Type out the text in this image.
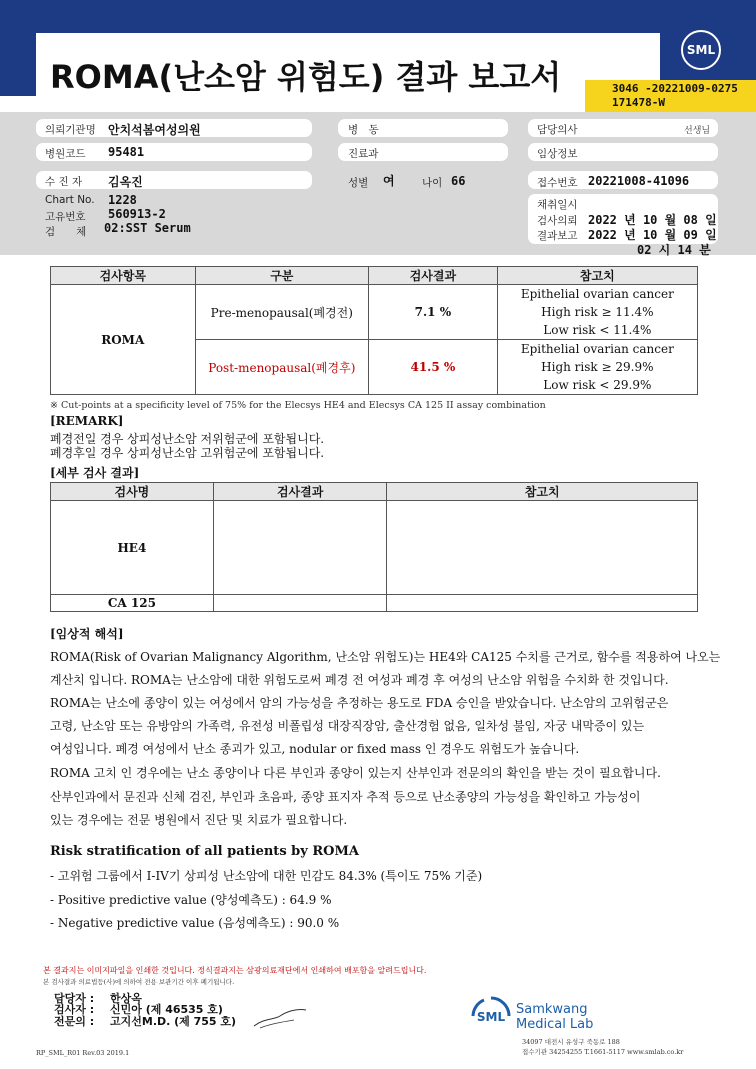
ROMA(난소암 위험도) 결과 보고서
SML
3046 -20221009-0275
171478-W
의뢰기관명 안치석봄여성의원
병원코드 95481
수 진 자 김옥진
Chart No. 1228
고유번호 560913-2
검　　체 02:SST Serum
병　동
진료과
성별 여	나이 66
담당의사	선생님
임상정보
접수번호 20221008-41096
채취일시
검사의뢰 2022 년 10 월 08 일
결과보고 2022 년 10 월 09 일
02 시 14 분
검사항목	구분	검사결과	참고치
ROMA	Pre-menopausal(폐경전)	7.1 %	Epithelial ovarian cancer
High risk ≥ 11.4%
Low risk < 11.4%

	Post-menopausal(폐경후)	41.5 %	Epithelial ovarian cancer
High risk ≥ 29.9%
Low risk < 29.9%
※ Cut-points at a specificity level of 75% for the Elecsys HE4 and Elecsys CA 125 II assay combination
[REMARK]
폐경전일 경우 상피성난소암 저위험군에 포함됩니다.
폐경후일 경우 상피성난소암 고위험군에 포함됩니다.
[세부 검사 결과]
검사명	검사결과	참고치
HE4		
CA 125		
[임상적 해석]
ROMA(Risk of Ovarian Malignancy Algorithm, 난소암 위험도)는 HE4와 CA125 수치를 근거로, 함수를 적용하여 나오는
계산치 입니다. ROMA는 난소암에 대한 위험도로써 폐경 전 여성과 폐경 후 여성의 난소암 위험을 수치화 한 것입니다.
ROMA는 난소에 종양이 있는 여성에서 암의 가능성을 추정하는 용도로 FDA 승인을 받았습니다. 난소암의 고위험군은
고령, 난소암 또는 유방암의 가족력, 유전성 비폴립성 대장직장암, 출산경험 없음, 일차성 불임, 자궁 내막증이 있는
여성입니다. 폐경 여성에서 난소 종괴가 있고, nodular or fixed mass 인 경우도 위험도가 높습니다.
ROMA 고치 인 경우에는 난소 종양이나 다른 부인과 종양이 있는지 산부인과 전문의의 확인을 받는 것이 필요합니다.
산부인과에서 문진과 신체 검진, 부인과 초음파, 종양 표지자 추적 등으로 난소종양의 가능성을 확인하고 가능성이
있는 경우에는 전문 병원에서 진단 및 치료가 필요합니다.
Risk stratification of all patients by ROMA
- 고위험 그룹에서 I-IV기 상피성 난소암에 대한 민감도 84.3% (특이도 75% 기준)
- Positive predictive value (양성예측도) : 64.9 %
- Negative predictive value (음성예측도) : 90.0 %
본 결과지는 이미지파일을 인쇄한 것입니다. 정식결과지는 삼광의료재단에서 인쇄하여 배포함을 알려드립니다.
본 검사결과 의료법등(사)에 의하여 전용 보관기간 이후 폐기됩니다.
담당자 : 한상옥
검사자 : 신민아 (제 46535 호)
전문의 : 고지선M.D. (제 755 호)	SML Samkwang
Medical Lab
34097 대전시 유성구 죽동로 188
접수기관 34254255 T.1661-5117 www.smlab.co.kr
RP_SML_R01 Rev.03 2019.1
